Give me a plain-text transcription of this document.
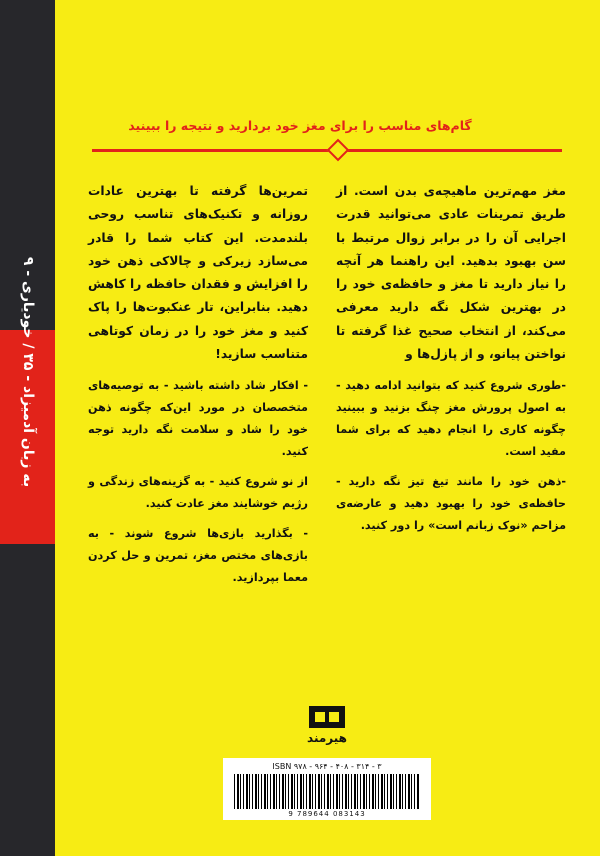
به زبان آدمیزاد - ۳۵ / خودیاری - ۹
گام‌های مناسب را برای مغز خود بردارید و نتیجه را ببینید
مغز مهم‌ترین ماهیچه‌ی بدن است. از طریق تمرینات عادی می‌توانید قدرت اجرایی آن را در برابر زوال مرتبط با سن بهبود بدهید. این راهنما هر آنچه را نیاز دارید تا مغز و حافظه‌ی خود را در بهترین شکل نگه دارید معرفی می‌کند، از انتخاب صحیح غذا گرفته تا نواختن پیانو، و از پازل‌ها و
تمرین‌ها گرفته تا بهترین عادات روزانه و تکنیک‌های تناسب روحی بلندمدت. این کتاب شما را قادر می‌سازد زیرکی و چالاکی ذهن خود را افزایش و فقدان حافظه را کاهش دهید. بنابراین، تار عنکبوت‌ها را پاک کنید و مغز خود را در زمان کوتاهی متناسب سازید!

-طوری شروع کنید که بتوانید ادامه دهید - به اصول پرورش مغز چنگ بزنید و ببینید چگونه کاری را انجام دهید که برای شما مفید است.

-ذهن خود را مانند تیغ تیز نگه دارید - حافظه‌ی خود را بهبود دهید و عارضه‌ی مزاحم «نوک زبانم است» را دور کنید.

- افکار شاد داشته باشید - به توصیه‌های متخصصان در مورد این‌که چگونه ذهن خود را شاد و سلامت نگه دارید توجه کنید.

از نو شروع کنید - به گزینه‌های زندگی و رژیم خوشایند مغز عادت کنید.

- بگذارید بازی‌ها شروع شوند - به بازی‌های مختص مغز، تمرین و حل کردن معما بپردازید.

هیرمند
ISBN ۹۷۸ - ۹۶۴ - ۴۰۸ - ۳۱۴ - ۳
9 789644 083143
